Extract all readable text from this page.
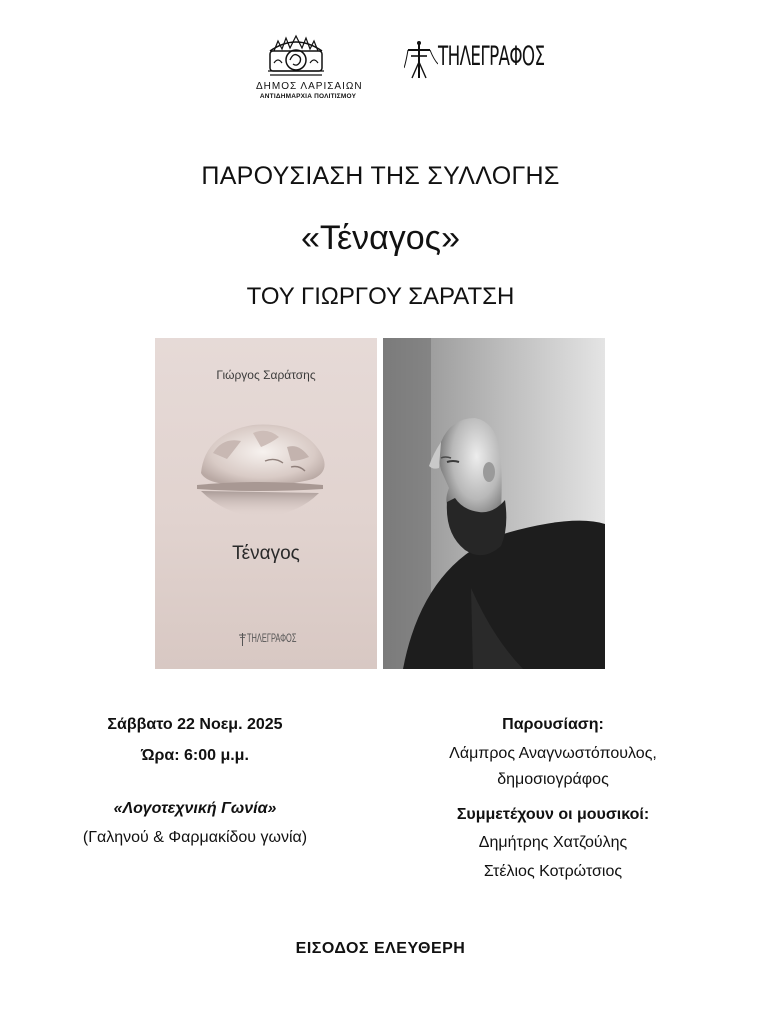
ΔΗΜΟΣ ΛΑΡΙΣΑΙΩΝ
ΑΝΤΙΔΗΜΑΡΧΙΑ ΠΟΛΙΤΙΣΜΟΥ
ΤΗΛΕΓΡΑΦΟΣ
ΠΑΡΟΥΣΙΑΣΗ ΤΗΣ ΣΥΛΛΟΓΗΣ
«Τέναγος»
ΤΟΥ ΓΙΩΡΓΟΥ ΣΑΡΑΤΣΗ
Γιώργος Σαράτσης
Τέναγος
ΤΗΛΕΓΡΑΦΟΣ
Σάββατο 22 Νοεμ. 2025
Ώρα: 6:00 μ.μ.
«Λογοτεχνική Γωνία»
(Γαληνού & Φαρμακίδου γωνία)
Παρουσίαση:
Λάμπρος Αναγνωστόπουλος,
δημοσιογράφος
Συμμετέχουν οι μουσικοί:
Δημήτρης Χατζούλης
Στέλιος Κοτρώτσιος
ΕΙΣΟΔΟΣ ΕΛΕΥΘΕΡΗ
